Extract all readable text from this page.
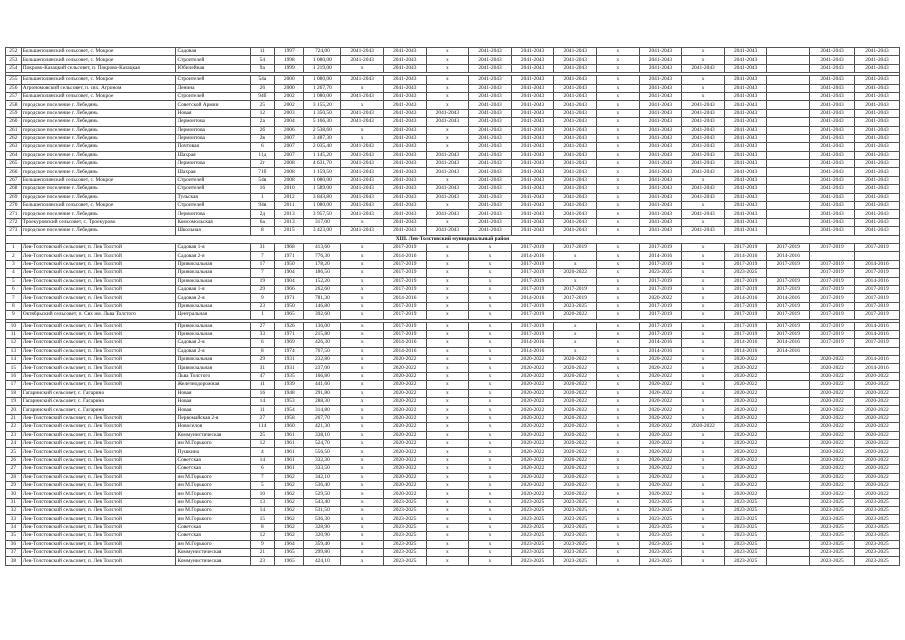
252	Большеполянский сельсовет, с. Мокрое	Садовая	11	1997	724,00	2041-2043	2041-2043	x	2041-2043	2041-2043	2041-2043	x	2041-2043	x	2041-2043		2041-2043	2041-2043
253	Большеполянский сельсовет, с. Мокрое	Строителей	54	1998	1 080,00	2041-2043	2041-2043	x	2041-2043	2041-2043	2041-2043	x	2041-2043	x	2041-2043		2041-2043	2041-2043
254	Покрово-Казацкий сельсовет, п. Покрово-Казацкая	Юбилейная	9а	1999	1 219,00	x	2041-2043	x	2041-2043	2041-2043	2041-2043	x	2041-2043	2041-2043	2041-2043		2041-2043	2041-2043

255	Большеполянский сельсовет, с. Мокрое	Строителей	54а	2000	1 080,00	2041-2043	2041-2043	x	2041-2043	2041-2043	2041-2043	x	2041-2043	x	2041-2043		2041-2043	2041-2043
256	Агрономовский сельсовет, п. свх. Агроном	Ленина	26	2000	1 267,70	x	2041-2043	x	2041-2043	2041-2043	2041-2043	x	2041-2043	x	2041-2043		2041-2043	2041-2043
257	Большеполянский сельсовет, с. Мокрое	Строителей	94б	2002	1 080,00	2041-2043	2041-2043	x	2041-2043	2041-2043	2041-2043	x	2041-2043	x	2041-2043		2041-2043	2041-2043
258	городское поселение г. Лебедянь	Советской Армии	25	2002	3 155,20	x	2041-2043	x	2041-2043	2041-2043	2041-2043	x	2041-2043	2041-2043	2041-2043		2041-2043	2041-2043
259	городское поселение г. Лебедянь	Новая	12	2003	1 350,50	2041-2043	2041-2043	2041-2043	2041-2043	2041-2043	2041-2043	x	2041-2043	2041-2043	2041-2043		2041-2043	2041-2043
260	городское поселение г. Лебедянь	Лермонтова	2а	2004	5 166,30	2041-2043	2041-2043	2041-2043	2041-2043	2041-2043	2041-2043	x	2041-2043	2041-2043	2041-2043		2041-2043	2041-2043
261	городское поселение г. Лебедянь	Лермонтова	2б	2006	2 538,60	x	2041-2043	x	2041-2043	2041-2043	2041-2043	x	2041-2043	2041-2043	2041-2043		2041-2043	2041-2043
262	городское поселение г. Лебедянь	Лермонтова	2в	2007	3 487,30	x	2041-2043	x	2041-2043	2041-2043	2041-2043	x	2041-2043	2041-2043	2041-2043		2041-2043	2041-2043
263	городское поселение г. Лебедянь	Почтовая	6	2007	2 035,40	2041-2043	2041-2043	x	2041-2043	2041-2043	2041-2043	x	2041-2043	2041-2043	2041-2043		2041-2043	2041-2043
264	городское поселение г. Лебедянь	Шахрая	11д	2007	1 145,20	2041-2043	2041-2043	2041-2043	2041-2043	2041-2043	2041-2043	x	2041-2043	2041-2043	2041-2043		2041-2043	2041-2043
265	городское поселение г. Лебедянь	Лермонтова	2г	2008	4 631,70	2041-2043	2041-2043	2041-2043	2041-2043	2041-2043	2041-2043	x	2041-2043	2041-2043	2041-2043		2041-2043	2041-2043
266	городское поселение г. Лебедянь	Шахрая	71б	2008	1 159,50	2041-2043	2041-2043	2041-2043	2041-2043	2041-2043	2041-2043	x	2041-2043	2041-2043	2041-2043		2041-2043	2041-2043
267	Большеполянский сельсовет, с. Мокрое	Строителей	54в	2008	1 080,00	2041-2043	2041-2043	x	2041-2043	2041-2043	2041-2043	x	2041-2043	x	2041-2043		2041-2043	2041-2043
268	городское поселение г. Лебедянь	Строителей	16	2010	1 589,00	2041-2043	2041-2043	2041-2043	2041-2043	2041-2043	2041-2043	x	2041-2043	2041-2043	2041-2043		2041-2043	2041-2043
269	городское поселение г. Лебедянь	Тульская	1	2012	3 843,80	2041-2043	2041-2043	2041-2043	2041-2043	2041-2043	2041-2043	x	2041-2043	2041-2043	2041-2043		2041-2043	2041-2043
270	Большеполянский сельсовет, с. Мокрое	Строителей	94в	2011	1 080,00	2041-2043	2041-2043	x	2041-2043	2041-2043	2041-2043	x	2041-2043	x	2041-2043		2041-2043	2041-2043
271	городское поселение г. Лебедянь	Лермонтова	2д	2013	3 957,50	2041-2043	2041-2043	2041-2043	2041-2043	2041-2043	2041-2043	x	2041-2043	2041-2043	2041-2043		2041-2043	2041-2043
272	Троекуровский сельсовет, с. Троекурово	Комсомольская	6а	2013	317,00	x	2041-2043	x	2041-2043	2041-2043	2041-2043	x	2041-2043	x	2041-2043		2041-2043	2041-2043
273	городское поселение г. Лебедянь	Школьная	8	2015	3 423,00	2041-2043	2041-2043	2041-2043	2041-2043	2041-2043	2041-2043	x	2041-2043	2041-2043	2041-2043		2041-2043	2041-2043
XIII. Лев-Толстовский муниципальный район																		
1	Лев-Толстовский сельсовет, п. Лев Толстой	Садовая 1-я	31	1968	413,60	x	2017-2019	x	x	2017-2019	2017-2019	x	2017-2019	x	2017-2019	2017-2019	2017-2019	2017-2019
2	Лев-Толстовский сельсовет, п. Лев Толстой	Садовая 2-я	7	1971	776,30	x	2014-2016	x	x	2014-2016	x	x	2014-2016	x	2014-2016	2014-2016		
3	Лев-Толстовский сельсовет, п. Лев Толстой	Привокзальная	17	1950	178,20	x	2017-2019	x	x	2017-2019	x	x	2017-2019	x	2017-2019	2017-2019	2017-2019	2014-2016
4	Лев-Толстовский сельсовет, п. Лев Толстой	Привокзальная	7	1904	186,50	x	2017-2019	x	x	2017-2019	2020-2022	x	2023-2025	x	2023-2025		2017-2019	2017-2019
5	Лев-Толстовский сельсовет, п. Лев Толстой	Привокзальная	19	1904	152,20	x	2017-2019	x	x	2017-2019	x	x	2017-2019	x	2017-2019	2017-2019	2017-2019	2014-2016
6	Лев-Толстовский сельсовет, п. Лев Толстой	Садовая 1-я	29	1966	262,60	x	2017-2019	x	x	2017-2019	2017-2019	x	2017-2019	x	2017-2019	2017-2019	2017-2019	2017-2019
7	Лев-Толстовский сельсовет, п. Лев Толстой	Садовая 2-я	9	1971	781,30	x	2014-2016	x	x	2014-2016	2017-2019	x	2020-2022	x	2014-2016	2014-2016	2017-2019	2017-2019
8	Лев-Толстовский сельсовет, п. Лев Толстой	Привокзальная	23	1950	146,80	x	2017-2019	x	x	2017-2019	2023-2025	x	2017-2019	x	2017-2019	2017-2019	2017-2019	2017-2019
9	Октябрьский сельсовет, п. Свх им. Льва Толстого	Центральная	1	1965	392,60	x	2017-2019	x	x	2017-2019	2020-2022	x	2017-2019	x	2017-2019	2017-2019	2017-2019	2017-2019

10	Лев-Толстовский сельсовет, п. Лев Толстой	Привокзальная	27	1926	136,00	x	2017-2019	x	x	2017-2019	x	x	2017-2019	x	2017-2019	2017-2019	2017-2019	2014-2016
11	Лев-Толстовский сельсовет, п. Лев Толстой	Привокзальная	33	1971	215,80	x	2017-2019	x	x	2017-2019	x	x	2017-2019	x	2017-2019	2017-2019	2017-2019	2014-2016
12	Лев-Толстовский сельсовет, п. Лев Толстой	Садовая 2-я	6	1969	426,30	x	2014-2016	x	x	2014-2016	x	x	2014-2016	x	2014-2016	2014-2016	2017-2019	2017-2019
13	Лев-Толстовский сельсовет, п. Лев Толстой	Садовая 2-я	8	1974	767,50	x	2014-2016	x	x	2014-2016	x	x	2014-2016	x	2014-2016	2014-2016		
14	Лев-Толстовский сельсовет, п. Лев Толстой	Привокзальная	29	1931	232,80	x	2020-2022	x	x	2020-2022	2020-2022	x	2020-2022	x	2020-2022		2020-2022	2014-2016
15	Лев-Толстовский сельсовет, п. Лев Толстой	Привокзальная	31	1931	237,00	x	2020-2022	x	x	2020-2022	2020-2022	x	2020-2022	x	2020-2022		2020-2022	2014-2016
16	Лев-Толстовский сельсовет, п. Лев Толстой	Льва Толстого	47	1935	166,80	x	2020-2022	x	x	2020-2022	2020-2022	x	2020-2022	x	2020-2022		2020-2022	2020-2022
17	Лев-Толстовский сельсовет, п. Лев Толстой	Железнодорожная	11	1939	441,60	x	2020-2022	x	x	2020-2022	2020-2022	x	2020-2022	x	2020-2022		2020-2022	2020-2022
18	Гагаринский сельсовет, с. Гагарино	Новая	16	1948	291,80	x	2020-2022	x	x	2020-2022	2020-2022	x	2020-2022	x	2020-2022		2020-2022	2020-2022
19	Гагаринский сельсовет, с. Гагарино	Новая	14	1953	288,30	x	2020-2022	x	x	2020-2022	2020-2022	x	2020-2022	x	2020-2022		2020-2022	2020-2022
20	Гагаринский сельсовет, с. Гагарино	Новая	11	1954	314,80	x	2020-2022	x	x	2020-2022	2020-2022	x	2020-2022	x	2020-2022		2020-2022	2020-2022
21	Лев-Толстовский сельсовет, п. Лев Толстой	Первомайская 2-я	27	1958	267,70	x	2020-2022	x	x	2020-2022	2020-2022	x	2020-2022	x	2020-2022		2020-2022	2020-2022
22	Лев-Толстовский сельсовет, п. Лев Толстой	Новоселов	114	1960	421,30	x	2020-2022	x	x	2020-2022	2020-2022	x	2020-2022	2020-2022	2020-2022		2020-2022	2020-2022
23	Лев-Толстовский сельсовет, п. Лев Толстой	Коммунистическая	25	1961	338,10	x	2020-2022	x	x	2020-2022	2020-2022	x	2020-2022	x	2020-2022		2020-2022	2020-2022
24	Лев-Толстовский сельсовет, п. Лев Толстой	им М.Горького	12	1961	524,70	x	2020-2022	x	x	2020-2022	2020-2022	x	2020-2022	x	2020-2022		2020-2022	2020-2022
25	Лев-Толстовский сельсовет, п. Лев Толстой	Пушкина	4	1961	556,50	x	2020-2022	x	x	2020-2022	2020-2022	x	2020-2022	x	2020-2022		2020-2022	2020-2022
26	Лев-Толстовский сельсовет, п. Лев Толстой	Советская	14	1961	332,30	x	2020-2022	x	x	2020-2022	2020-2022	x	2020-2022	x	2020-2022		2020-2022	2020-2022
27	Лев-Толстовский сельсовет, п. Лев Толстой	Советская	6	1961	333,50	x	2020-2022	x	x	2020-2022	2020-2022	x	2020-2022	x	2020-2022		2020-2022	2020-2022
28	Лев-Толстовский сельсовет, п. Лев Толстой	им М.Горького	7	1962	342,10	x	2020-2022	x	x	2020-2022	2020-2022	x	2020-2022	x	2020-2022		2020-2022	2020-2022
29	Лев-Толстовский сельсовет, п. Лев Толстой	им М.Горького	5	1962	536,40	x	2020-2022	x	x	2020-2022	2020-2022	x	2020-2022	x	2020-2022		2020-2022	2020-2022
30	Лев-Толстовский сельсовет, п. Лев Толстой	им М.Горького	10	1962	529,50	x	2020-2022	x	x	2020-2022	2020-2022	x	2020-2022	x	2020-2022		2020-2022	2020-2022
31	Лев-Толстовский сельсовет, п. Лев Толстой	им М.Горького	13	1962	543,40	x	2023-2025	x	x	2023-2025	2023-2025	x	2023-2025	x	2023-2025		2023-2025	2023-2025
32	Лев-Толстовский сельсовет, п. Лев Толстой	им М.Горького	14	1962	531,50	x	2023-2025	x	x	2023-2025	2023-2025	x	2023-2025	x	2023-2025		2023-2025	2023-2025
33	Лев-Толстовский сельсовет, п. Лев Толстой	им М.Горького	15	1962	536,30	x	2023-2025	x	x	2023-2025	2023-2025	x	2023-2025	x	2023-2025		2023-2025	2023-2025
34	Лев-Толстовский сельсовет, п. Лев Толстой	Советская	8	1962	328,90	x	2023-2025	x	x	2023-2025	2023-2025	x	2023-2025	x	2023-2025		2023-2025	2023-2025
35	Лев-Толстовский сельсовет, п. Лев Толстой	Советская	12	1962	320,90	x	2023-2025	x	x	2023-2025	2023-2025	x	2023-2025	x	2023-2025		2023-2025	2023-2025
36	Лев-Толстовский сельсовет, п. Лев Толстой	им М.Горького	9	1964	359,40	x	2023-2025	x	x	2023-2025	2023-2025	x	2023-2025	x	2023-2025		2023-2025	2023-2025
37	Лев-Толстовский сельсовет, п. Лев Толстой	Коммунистическая	21	1965	299,80	x	2023-2025	x	x	2023-2025	2023-2025	x	2023-2025	x	2023-2025		2023-2025	2023-2025
38	Лев-Толстовский сельсовет, п. Лев Толстой	Коммунистическая	23	1965	424,10	x	2023-2025	x	x	2023-2025	2023-2025	x	2023-2025	x	2023-2025		2023-2025	2023-2025
